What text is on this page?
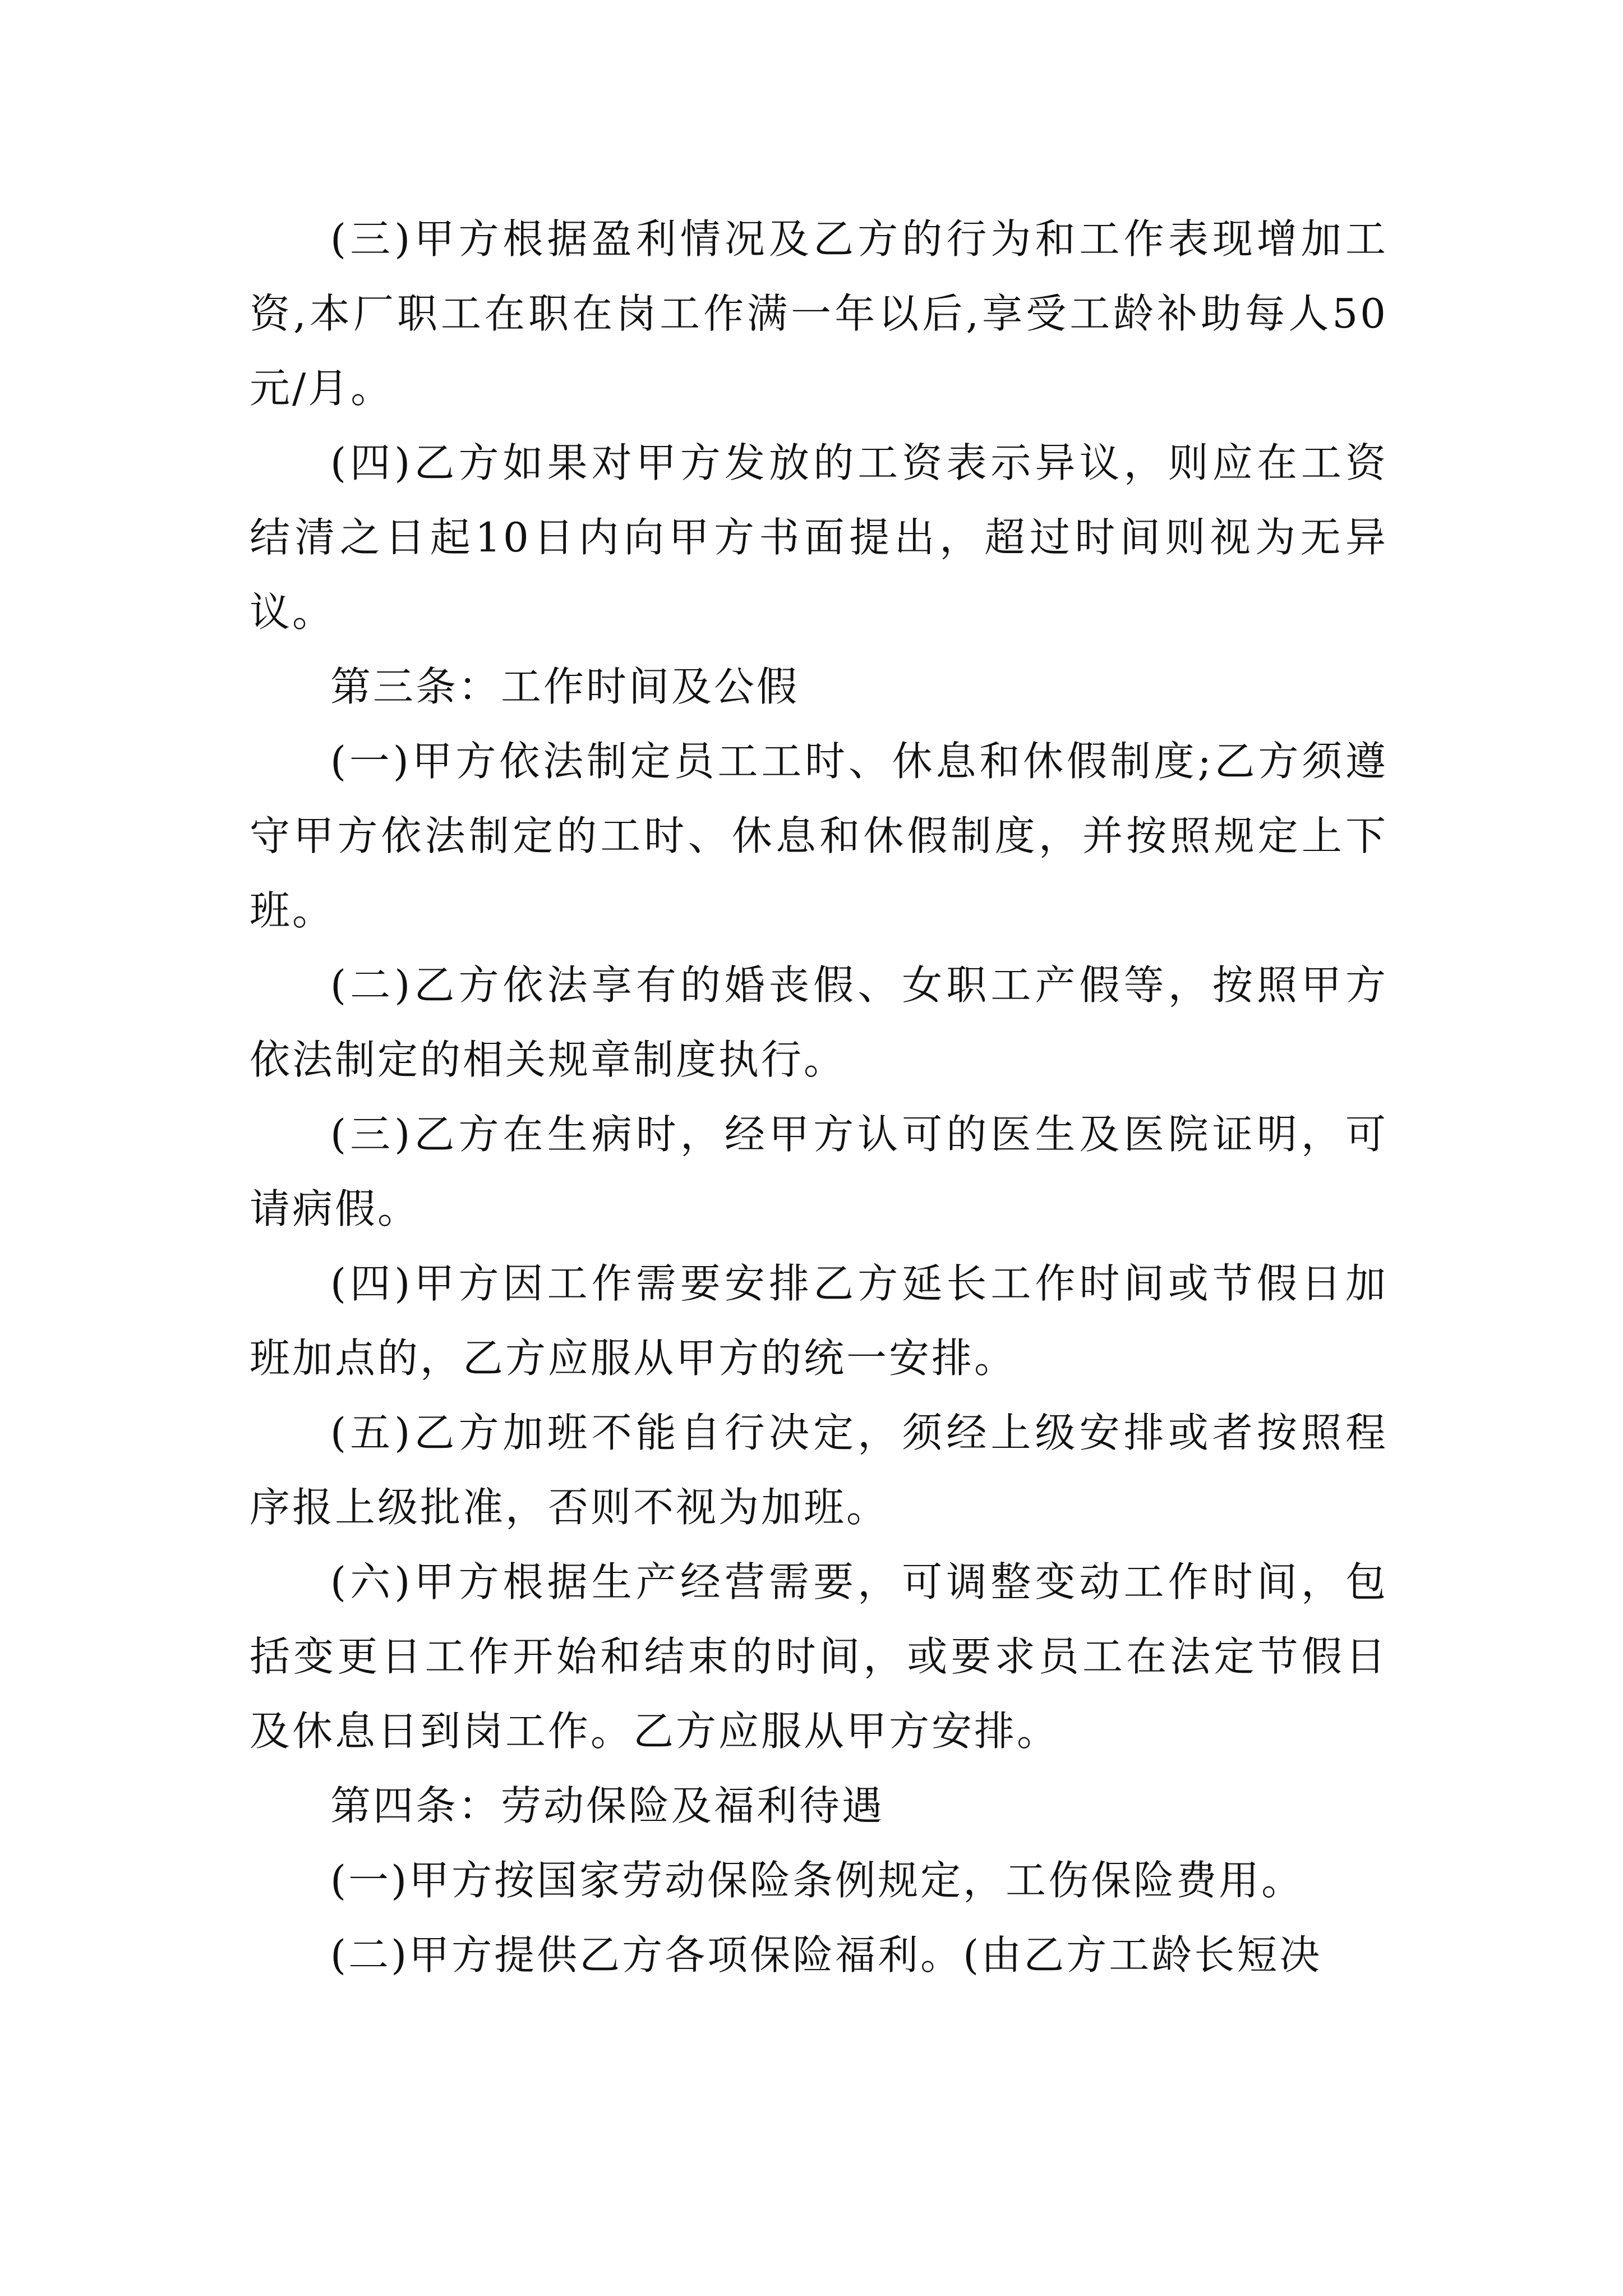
(三)甲方根据盈利情况及乙方的行为和工作表现增加工资,本厂职工在职在岗工作满一年以后,享受工龄补助每人50元/月。

(四)乙方如果对甲方发放的工资表示异议，则应在工资结清之日起10日内向甲方书面提出，超过时间则视为无异议。

第三条：工作时间及公假

(一)甲方依法制定员工工时、休息和休假制度;乙方须遵守甲方依法制定的工时、休息和休假制度，并按照规定上下班。

(二)乙方依法享有的婚丧假、女职工产假等，按照甲方依法制定的相关规章制度执行。

(三)乙方在生病时，经甲方认可的医生及医院证明，可请病假。

(四)甲方因工作需要安排乙方延长工作时间或节假日加班加点的，乙方应服从甲方的统一安排。

(五)乙方加班不能自行决定，须经上级安排或者按照程序报上级批准，否则不视为加班。

(六)甲方根据生产经营需要，可调整变动工作时间，包括变更日工作开始和结束的时间，或要求员工在法定节假日及休息日到岗工作。乙方应服从甲方安排。

第四条：劳动保险及福利待遇

(一)甲方按国家劳动保险条例规定，工伤保险费用。

(二)甲方提供乙方各项保险福利。(由乙方工龄长短决
